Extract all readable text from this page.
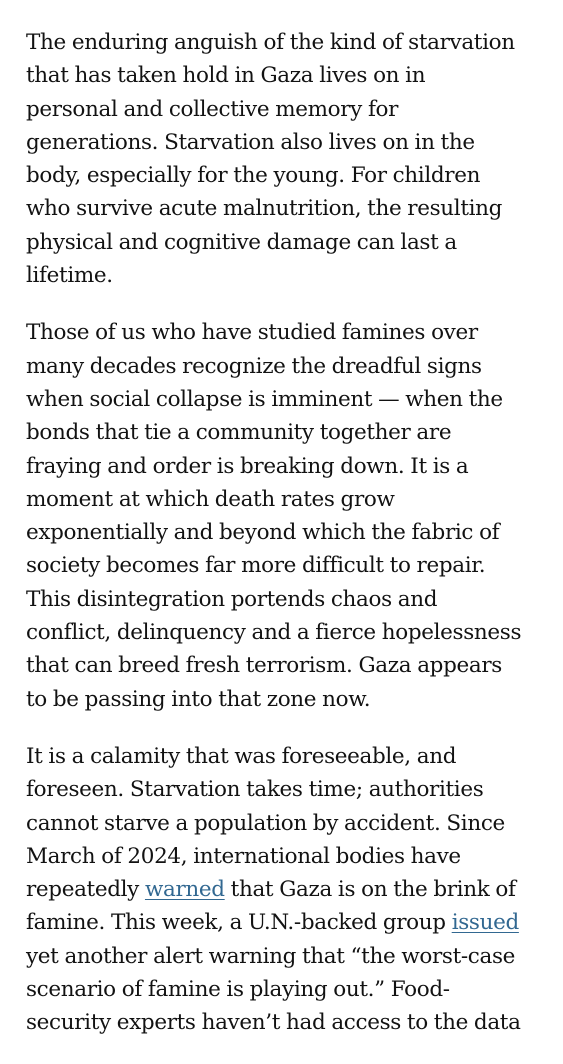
The enduring anguish of the kind of starvation
that has taken hold in Gaza lives on in
personal and collective memory for
generations. Starvation also lives on in the
body, especially for the young. For children
who survive acute malnutrition, the resulting
physical and cognitive damage can last a
lifetime.

Those of us who have studied famines over
many decades recognize the dreadful signs
when social collapse is imminent — when the
bonds that tie a community together are
fraying and order is breaking down. It is a
moment at which death rates grow
exponentially and beyond which the fabric of
society becomes far more difficult to repair.
This disintegration portends chaos and
conflict, delinquency and a fierce hopelessness
that can breed fresh terrorism. Gaza appears
to be passing into that zone now.

It is a calamity that was foreseeable, and
foreseen. Starvation takes time; authorities
cannot starve a population by accident. Since
March of 2024, international bodies have
repeatedly warned that Gaza is on the brink of
famine. This week, a U.N.-backed group issued
yet another alert warning that “the worst-case
scenario of famine is playing out.” Food-
security experts haven’t had access to the data
